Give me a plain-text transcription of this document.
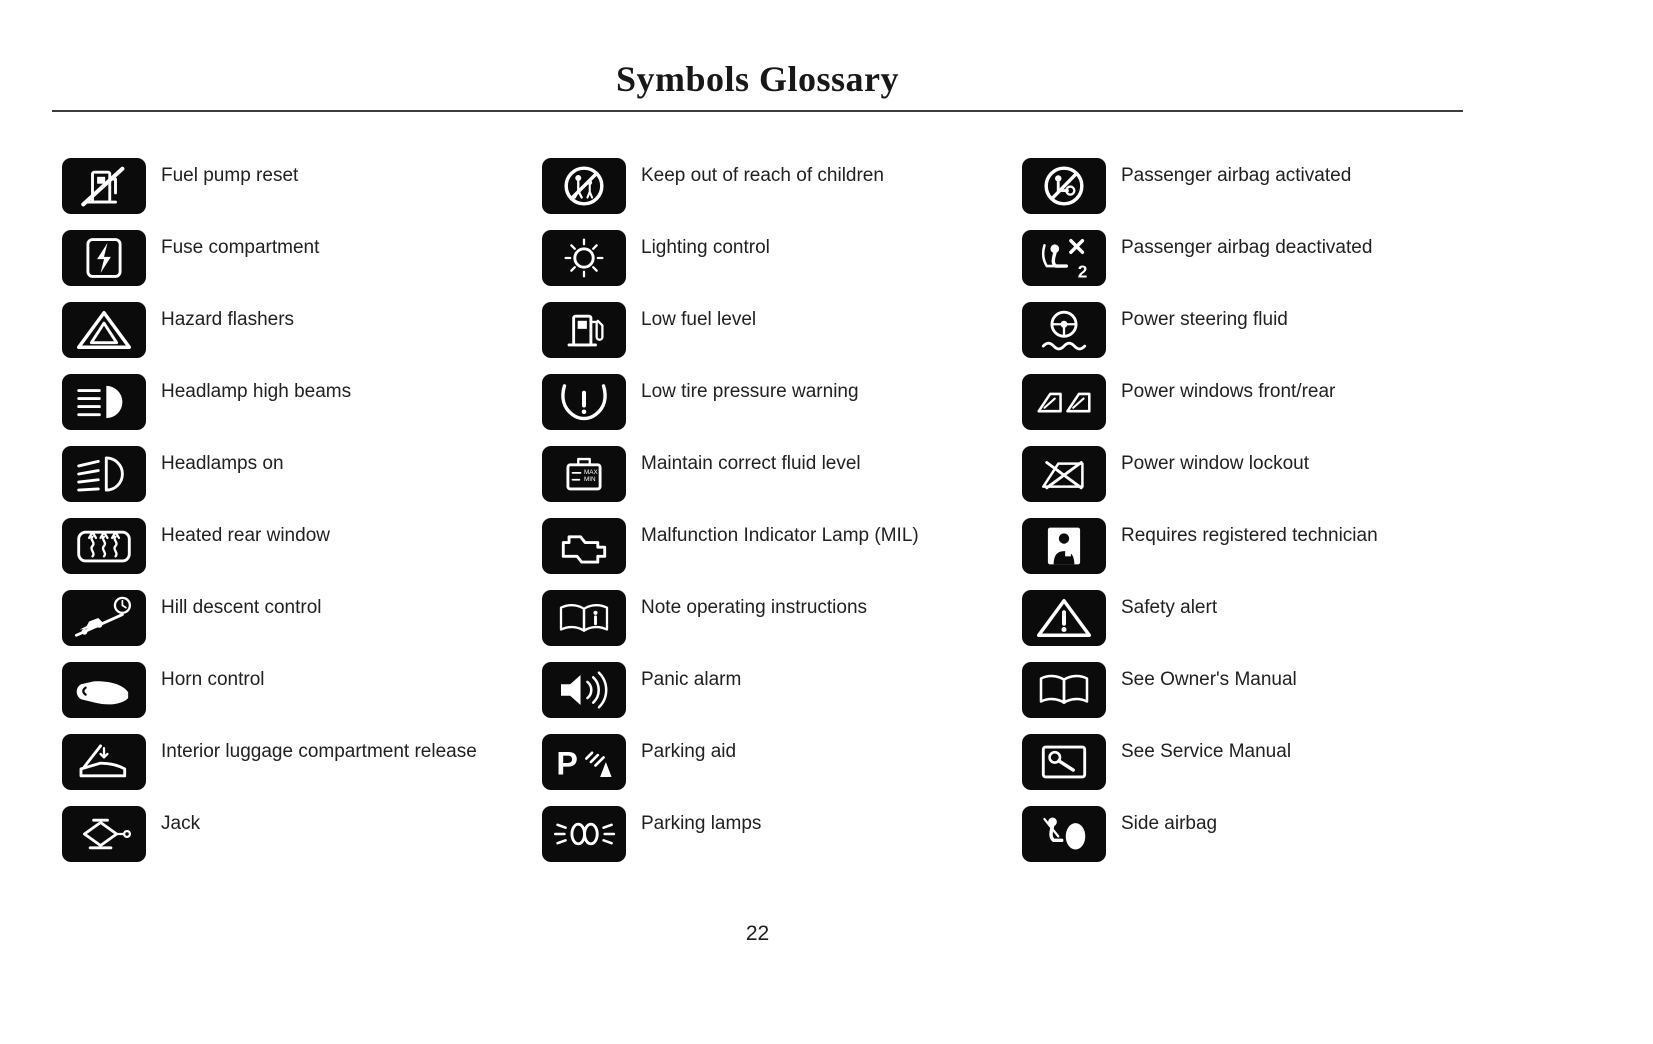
Symbols Glossary
Fuel pump reset
Fuse compartment
Hazard flashers
Headlamp high beams
Headlamps on
Heated rear window
Hill descent control
Horn control
Interior luggage compartment release
Jack
Keep out of reach of children
Lighting control
Low fuel level
Low tire pressure warning
MAX
MIN
Maintain correct fluid level
Malfunction Indicator Lamp (MIL)
Note operating instructions
Panic alarm
P	Parking aid
Parking lamps
Passenger airbag activated
2
Passenger airbag deactivated
Power steering fluid
Power windows front/rear
Power window lockout
Requires registered technician
Safety alert
See Owner's Manual
See Service Manual
Side airbag
22
